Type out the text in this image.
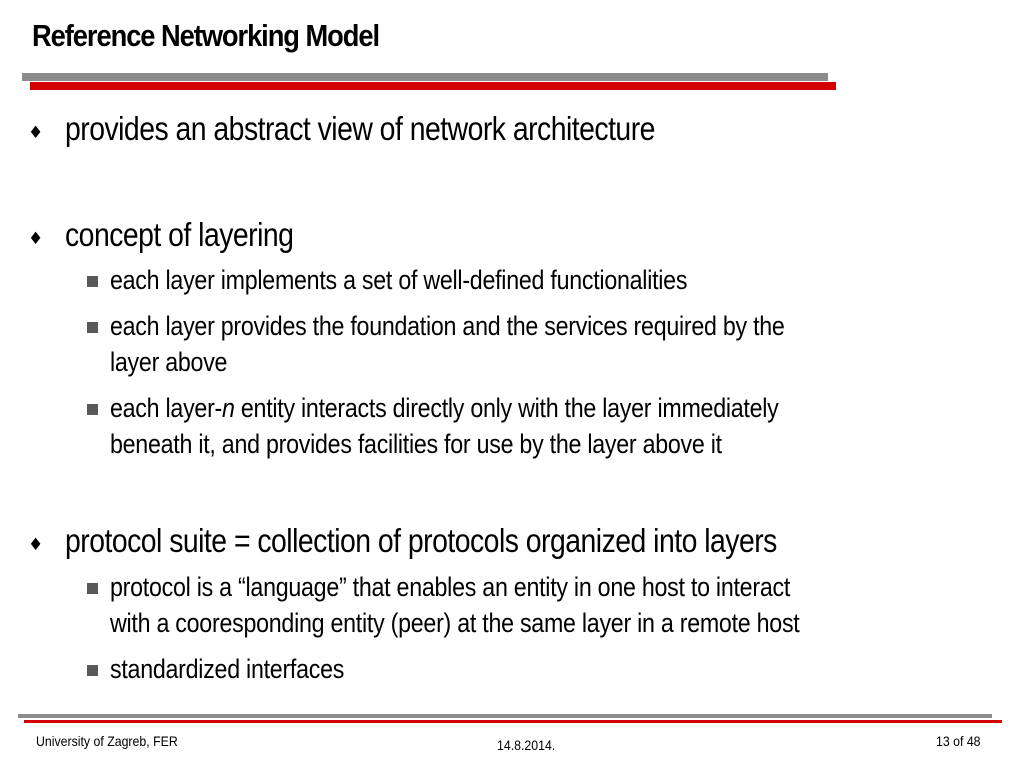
Reference Networking Model
♦ provides an abstract view of network architecture
♦ concept of layering
each layer implements a set of well-defined functionalities
each layer provides the foundation and the services required by the
layer above
each layer-n entity interacts directly only with the layer immediately
beneath it, and provides facilities for use by the layer above it
♦ protocol suite = collection of protocols organized into layers
protocol is a “language” that enables an entity in one host to interact
with a cooresponding entity (peer) at the same layer in a remote host
standardized interfaces
University of Zagreb, FER	14.8.2014.	13 of 48
